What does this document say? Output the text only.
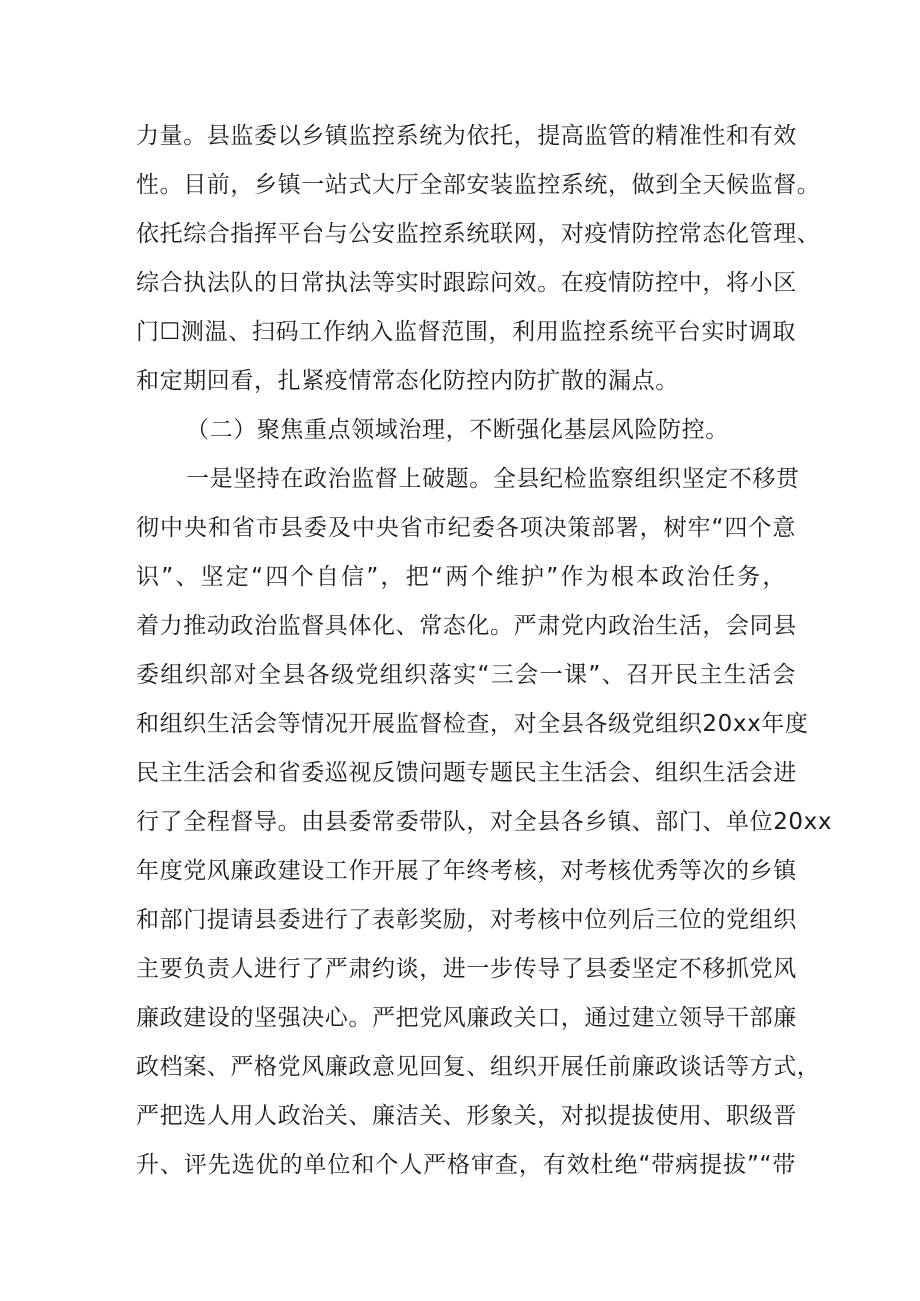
力量。县监委以乡镇监控系统为依托，提高监管的精准性和有效
性。目前，乡镇一站式大厅全部安装监控系统，做到全天候监督。
依托综合指挥平台与公安监控系统联网，对疫情防控常态化管理、
综合执法队的日常执法等实时跟踪问效。在疫情防控中，将小区
门☐测温、扫码工作纳入监督范围，利用监控系统平台实时调取
和定期回看，扎紧疫情常态化防控内防扩散的漏点。
（二）聚焦重点领域治理，不断强化基层风险防控。
一是坚持在政治监督上破题。全县纪检监察组织坚定不移贯
彻中央和省市县委及中央省市纪委各项决策部署，树牢“四个意
识”、坚定“四个自信”，把“两个维护”作为根本政治任务，
着力推动政治监督具体化、常态化。严肃党内政治生活，会同县
委组织部对全县各级党组织落实“三会一课”、召开民主生活会
和组织生活会等情况开展监督检查，对全县各级党组织20xx年度
民主生活会和省委巡视反馈问题专题民主生活会、组织生活会进
行了全程督导。由县委常委带队，对全县各乡镇、部门、单位20xx
年度党风廉政建设工作开展了年终考核，对考核优秀等次的乡镇
和部门提请县委进行了表彰奖励，对考核中位列后三位的党组织
主要负责人进行了严肃约谈，进一步传导了县委坚定不移抓党风
廉政建设的坚强决心。严把党风廉政关口，通过建立领导干部廉
政档案、严格党风廉政意见回复、组织开展任前廉政谈话等方式，
严把选人用人政治关、廉洁关、形象关，对拟提拔使用、职级晋
升、评先选优的单位和个人严格审查，有效杜绝“带病提拔”“带
